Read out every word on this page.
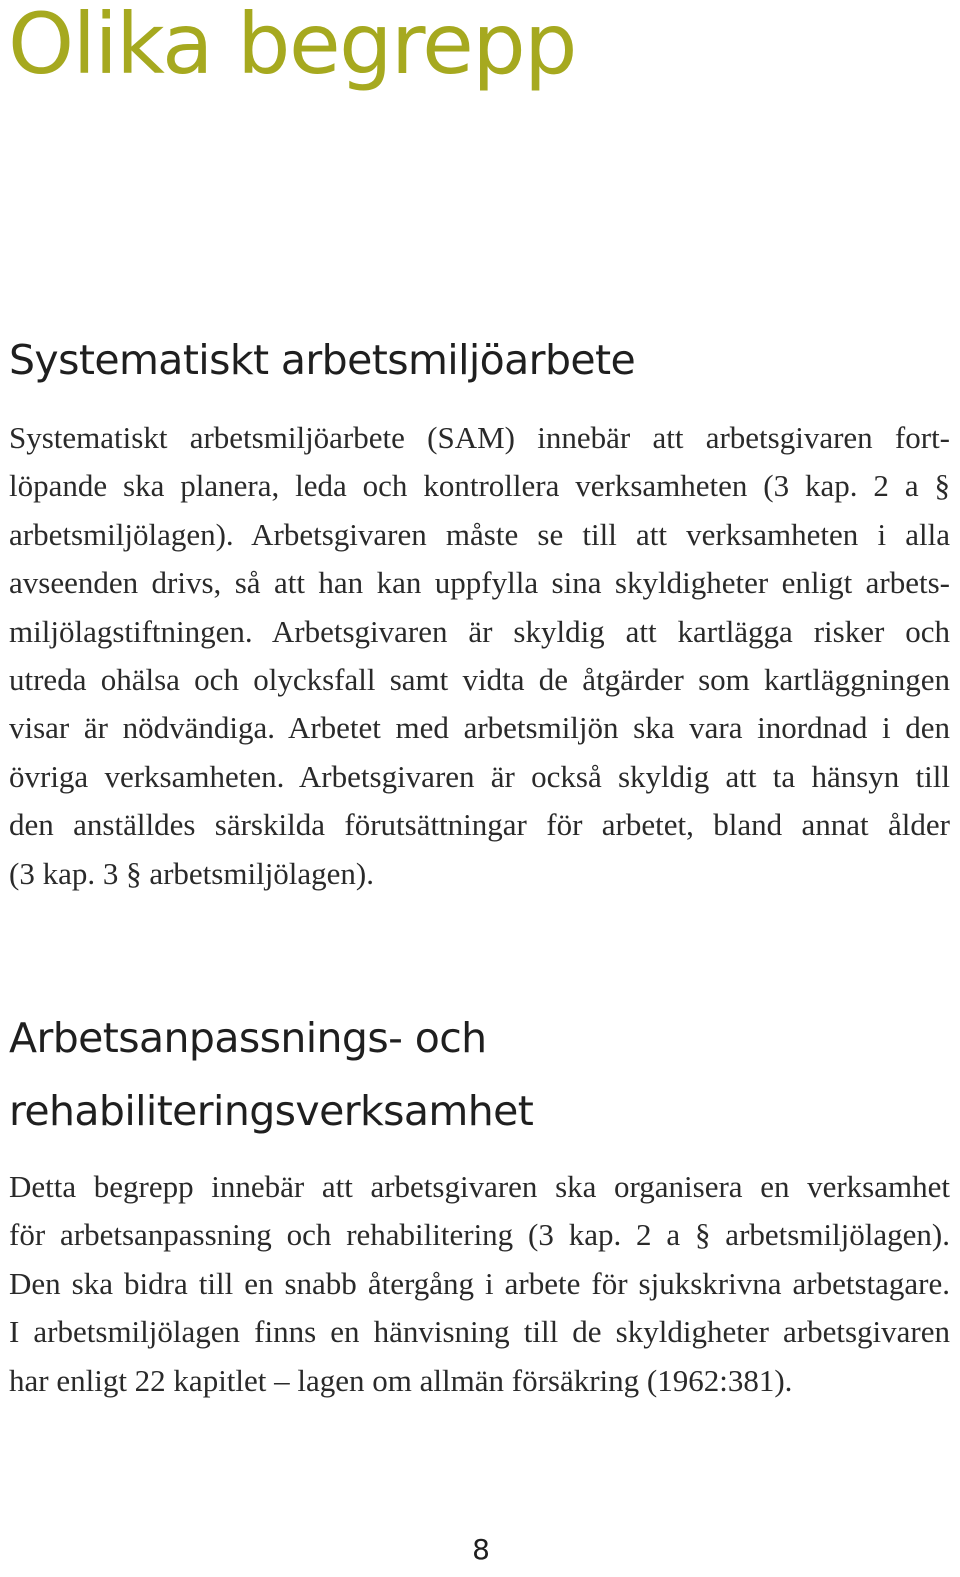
Olika begrepp
Systematiskt arbetsmiljöarbete

Systematiskt arbetsmiljöarbete (SAM) innebär att arbetsgivaren fort-
löpande ska planera, leda och kontrollera verksamheten (3 kap. 2 a §
arbetsmiljölagen). Arbetsgivaren måste se till att verksamheten i alla
avseenden drivs, så att han kan uppfylla sina skyldigheter enligt arbets-
miljölagstiftningen. Arbetsgivaren är skyldig att kartlägga risker och
utreda ohälsa och olycksfall samt vidta de åtgärder som kartläggningen
visar är nödvändiga. Arbetet med arbetsmiljön ska vara inordnad i den
övriga verksamheten. Arbetsgivaren är också skyldig att ta hänsyn till
den anställdes särskilda förutsättningar för arbetet, bland annat ålder
(3 kap. 3 § arbetsmiljölagen).

Arbetsanpassnings- och
rehabiliteringsverksamhet

Detta begrepp innebär att arbetsgivaren ska organisera en verksamhet
för arbetsanpassning och rehabilitering (3 kap. 2 a § arbetsmiljölagen).
Den ska bidra till en snabb återgång i arbete för sjukskrivna arbetstagare.
I arbetsmiljölagen finns en hänvisning till de skyldigheter arbetsgivaren
har enligt 22 kapitlet – lagen om allmän försäkring (1962:381).

8
